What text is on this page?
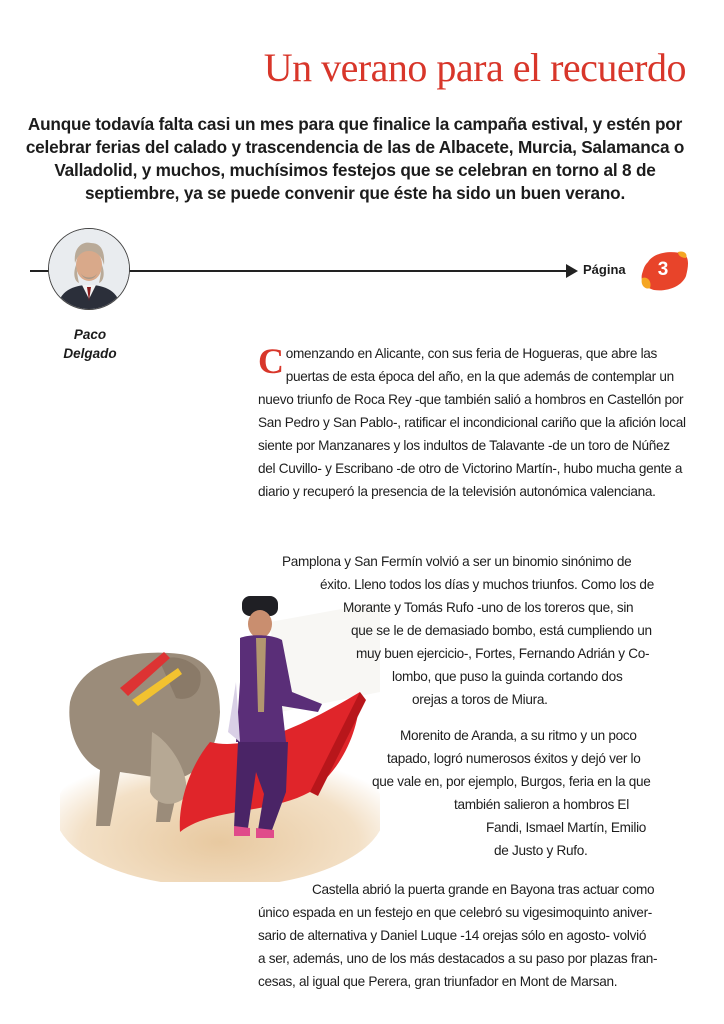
Un verano para el recuerdo

Aunque todavía falta casi un mes para que finalice la campaña estival, y estén por celebrar ferias del calado y trascendencia de las de Albacete, Murcia, Salamanca o Valladolid, y muchos, muchísimos festejos que se celebran en torno al 8 de septiembre, ya se puede convenir que éste ha sido un buen verano.

Página	3
Paco
Delgado	Comenzando en Alicante, con sus feria de Hogueras, que abre las puertas de esta época del año, en la que además de contemplar un nuevo triunfo de Roca Rey -que también salió a hombros en Castellón por San Pedro y San Pablo-, ratificar el incondicional cariño que la afición local siente por Manzanares y los indultos de Talavante -de un toro de Núñez del Cuvillo- y Escribano -de otro de Victorino Martín-, hubo mucha gente a diario y recuperó la presencia de la televisión autonómica valenciana.

Pamplona y San Fermín volvió a ser un binomio sinónimo de

éxito. Lleno todos los días y muchos triunfos. Como los de

Morante y Tomás Rufo -uno de los toreros que, sin

que se le de demasiado bombo, está cumpliendo un

muy buen ejercicio-, Fortes, Fernando Adrián y Co-

lombo, que puso la guinda cortando dos

orejas a toros de Miura.

Morenito de Aranda, a su ritmo y un poco

tapado, logró numerosos éxitos y dejó ver lo

que vale en, por ejemplo, Burgos, feria en la que

también salieron a hombros El

Fandi, Ismael Martín, Emilio

de Justo y Rufo.

Castella abrió la puerta grande en Bayona tras actuar como

único espada en un festejo en que celebró su vigesimoquinto aniver-

sario de alternativa y Daniel Luque -14 orejas sólo en agosto- volvió

a ser, además, uno de los más destacados a su paso por plazas fran-

cesas, al igual que Perera, gran triunfador en Mont de Marsan.
